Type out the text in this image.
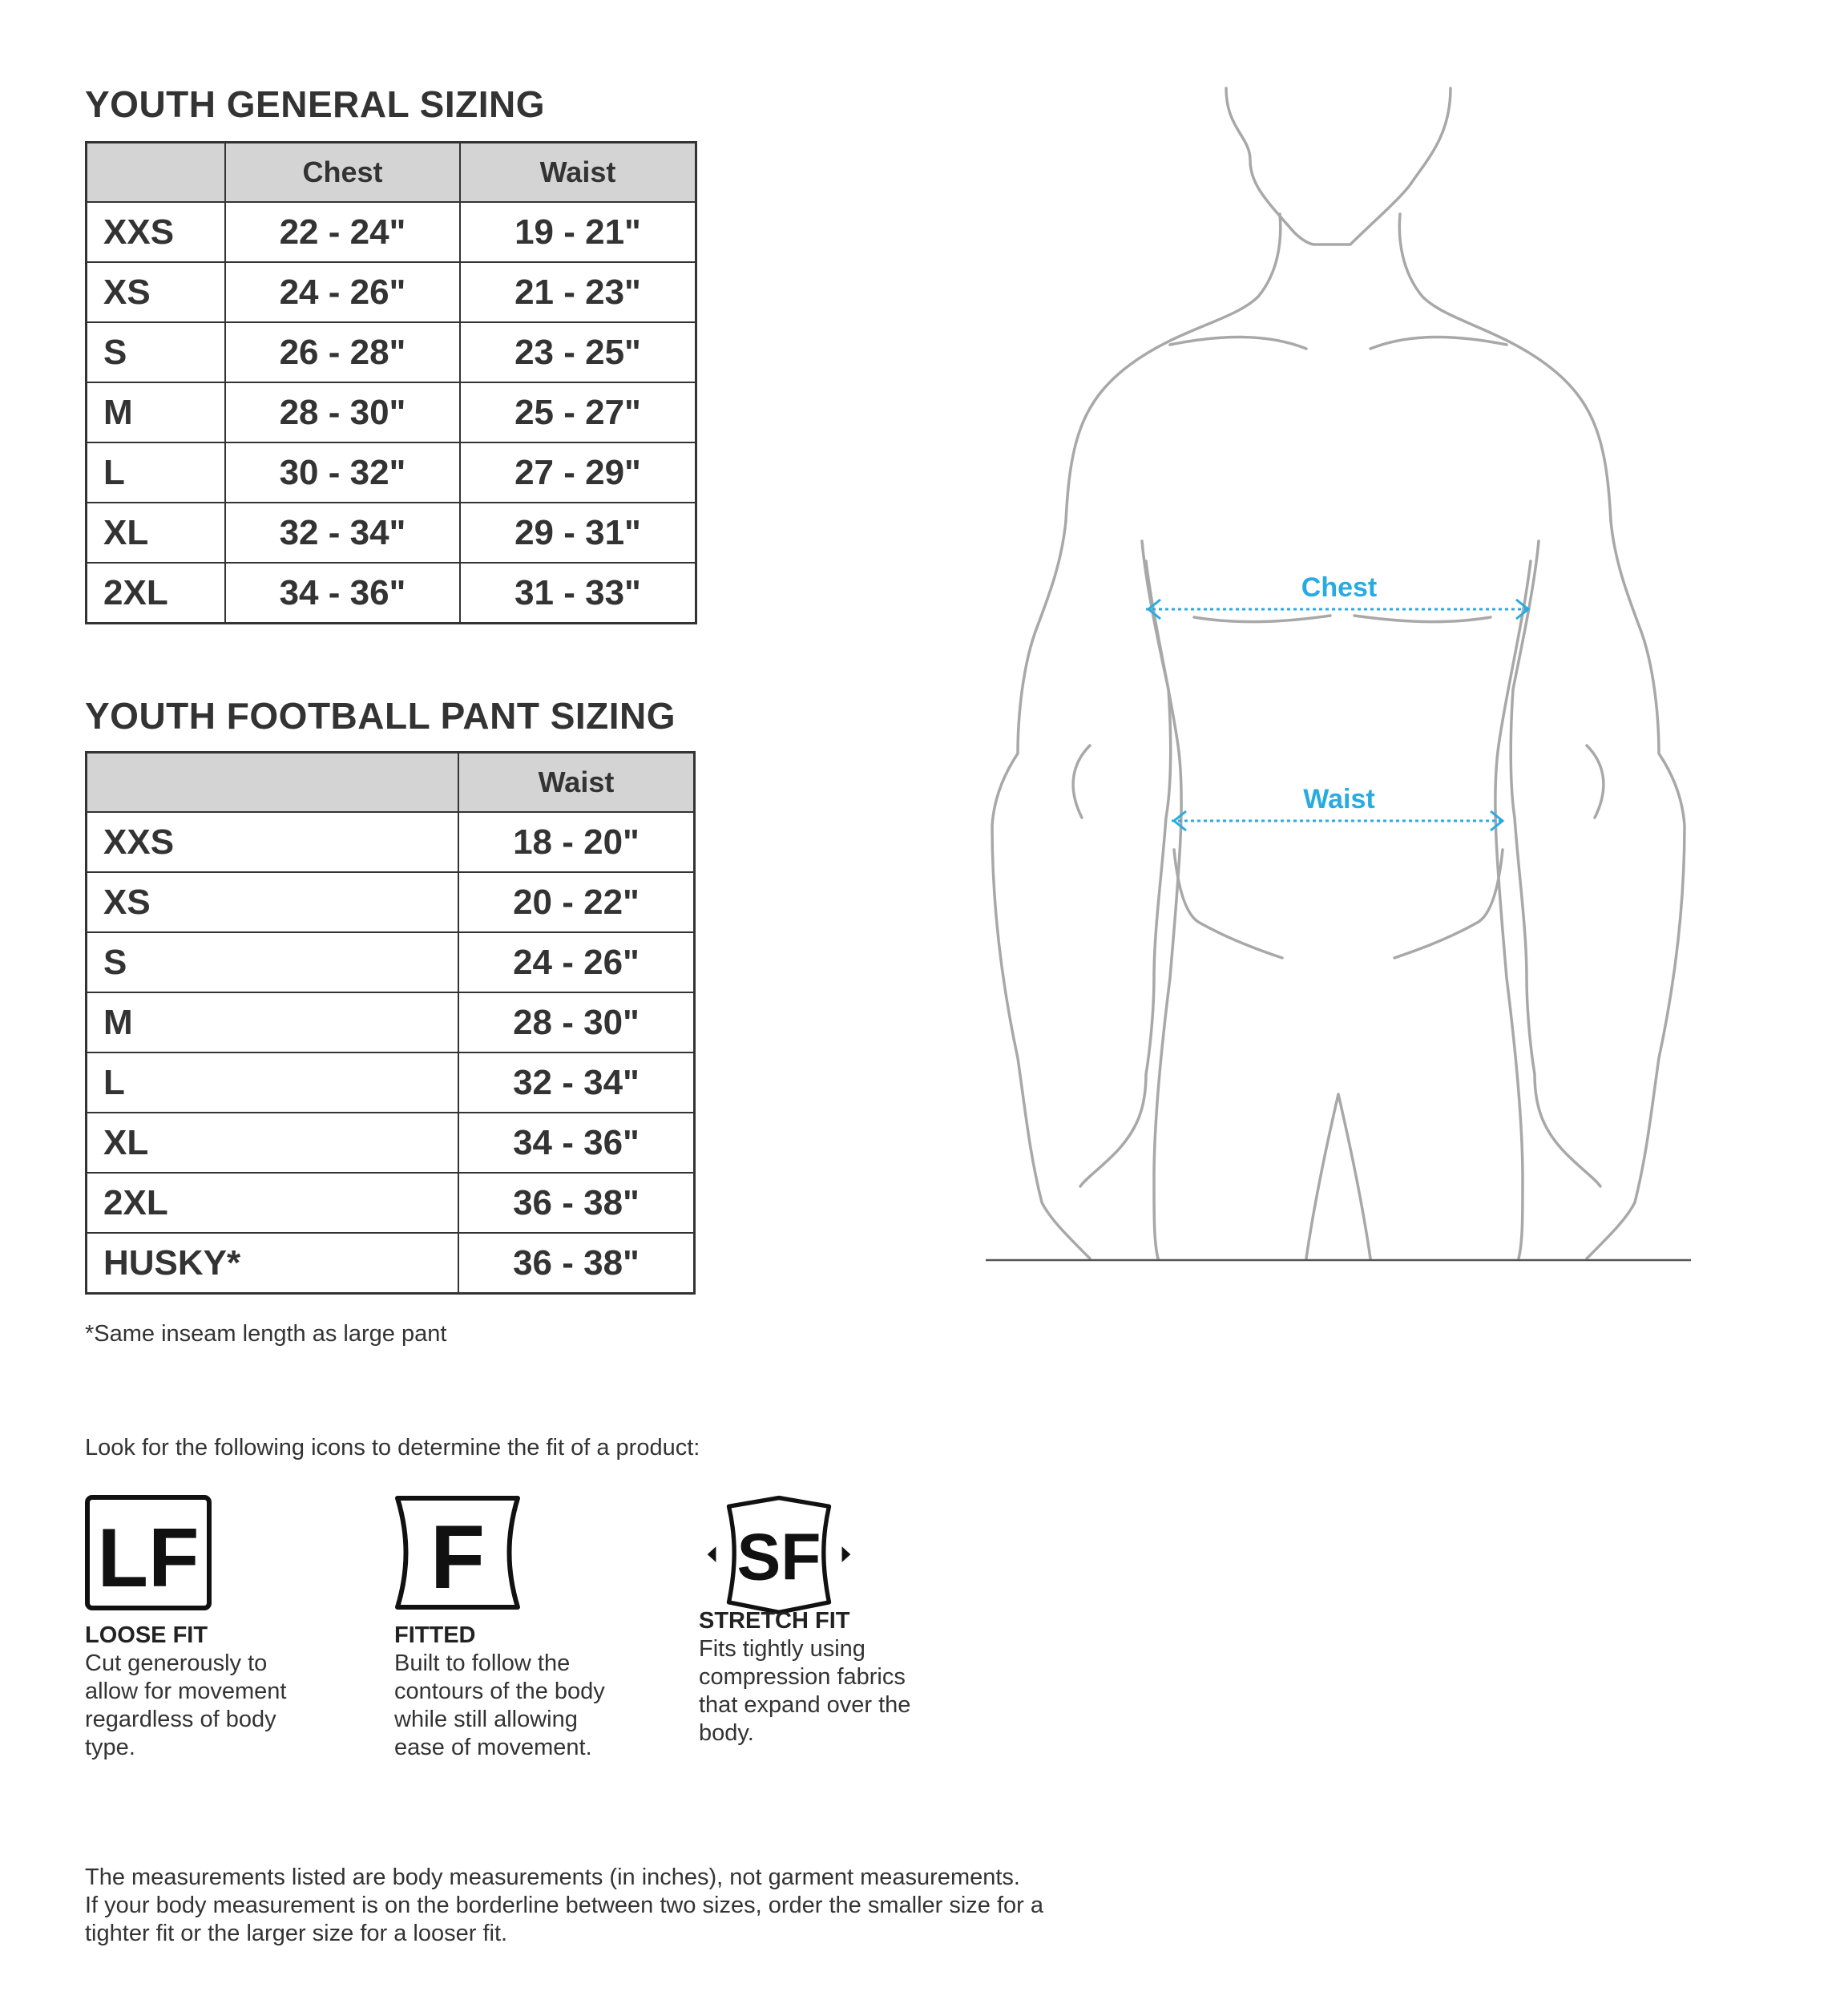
YOUTH GENERAL SIZING
	Chest	Waist
XXS	22 - 24"	19 - 21"
XS	24 - 26"	21 - 23"
S	26 - 28"	23 - 25"
M	28 - 30"	25 - 27"
L	30 - 32"	27 - 29"
XL	32 - 34"	29 - 31"
2XL	34 - 36"	31 - 33"
YOUTH FOOTBALL PANT SIZING
	Waist
XXS	18 - 20"
XS	20 - 22"
S	24 - 26"
M	28 - 30"
L	32 - 34"
XL	34 - 36"
2XL	36 - 38"
HUSKY*	36 - 38"

*Same inseam length as large pant

Chest
Waist

Look for the following icons to determine the fit of a product:

LF

LOOSE FIT

Cut generously to

allow for movement

regardless of body

type.

F

FITTED

Built to follow the

contours of the body

while still allowing

ease of movement.

SF

STRETCH FIT

Fits tightly using

compression fabrics

that expand over the

body.

The measurements listed are body measurements (in inches), not garment measurements.

If your body measurement is on the borderline between two sizes, order the smaller size for a

tighter fit or the larger size for a looser fit.
